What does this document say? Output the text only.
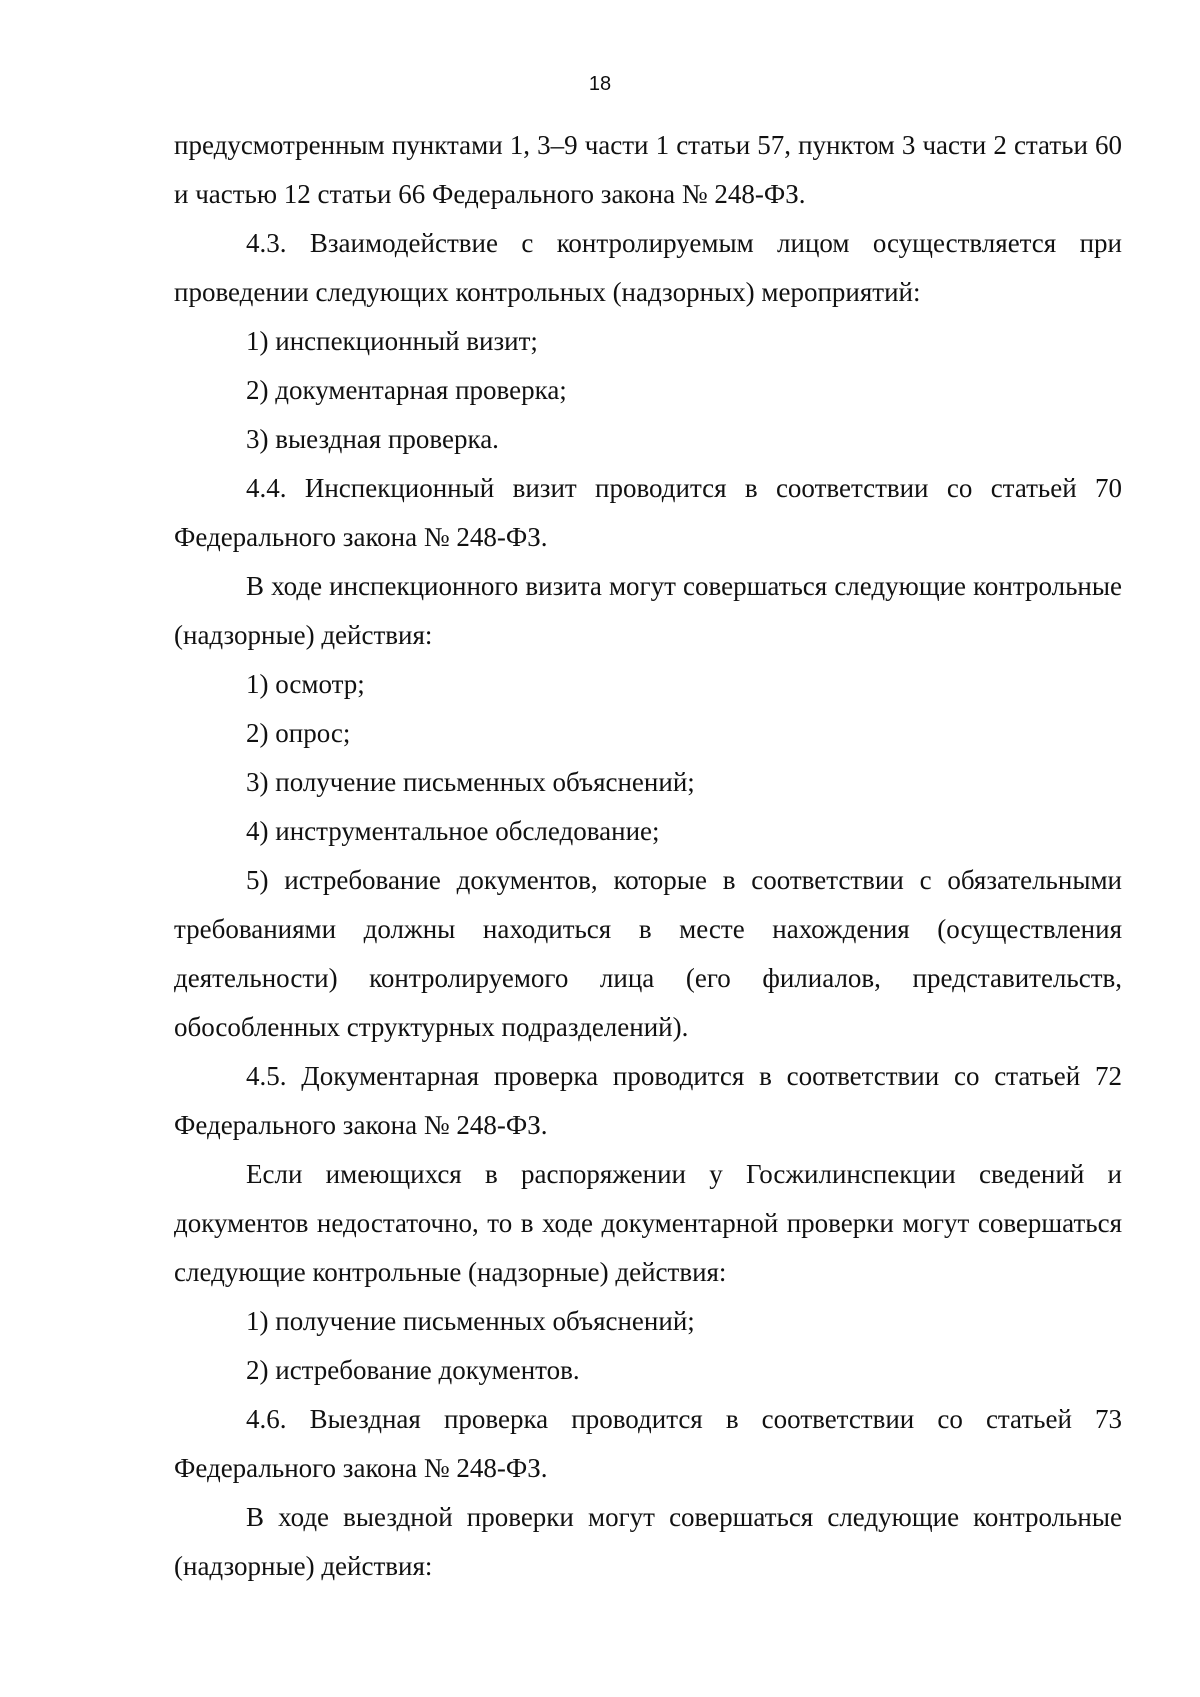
18

предусмотренным пунктами 1, 3–9 части 1 статьи 57, пунктом 3 части 2 статьи 60 и частью 12 статьи 66 Федерального закона № 248-ФЗ.

4.3. Взаимодействие с контролируемым лицом осуществляется при проведении следующих контрольных (надзорных) мероприятий:

1) инспекционный визит;

2) документарная проверка;

3) выездная проверка.

4.4. Инспекционный визит проводится в соответствии со статьей 70 Федерального закона № 248-ФЗ.

В ходе инспекционного визита могут совершаться следующие контрольные (надзорные) действия:

1) осмотр;

2) опрос;

3) получение письменных объяснений;

4) инструментальное обследование;

5) истребование документов, которые в соответствии с обязательными требованиями должны находиться в месте нахождения (осуществления деятельности) контролируемого лица (его филиалов, представительств, обособленных структурных подразделений).

4.5. Документарная проверка проводится в соответствии со статьей 72 Федерального закона № 248-ФЗ.

Если имеющихся в распоряжении у Госжилинспекции сведений и документов недостаточно, то в ходе документарной проверки могут совершаться следующие контрольные (надзорные) действия:

1) получение письменных объяснений;

2) истребование документов.

4.6. Выездная проверка проводится в соответствии со статьей 73 Федерального закона № 248-ФЗ.

В ходе выездной проверки могут совершаться следующие контрольные (надзорные) действия:
